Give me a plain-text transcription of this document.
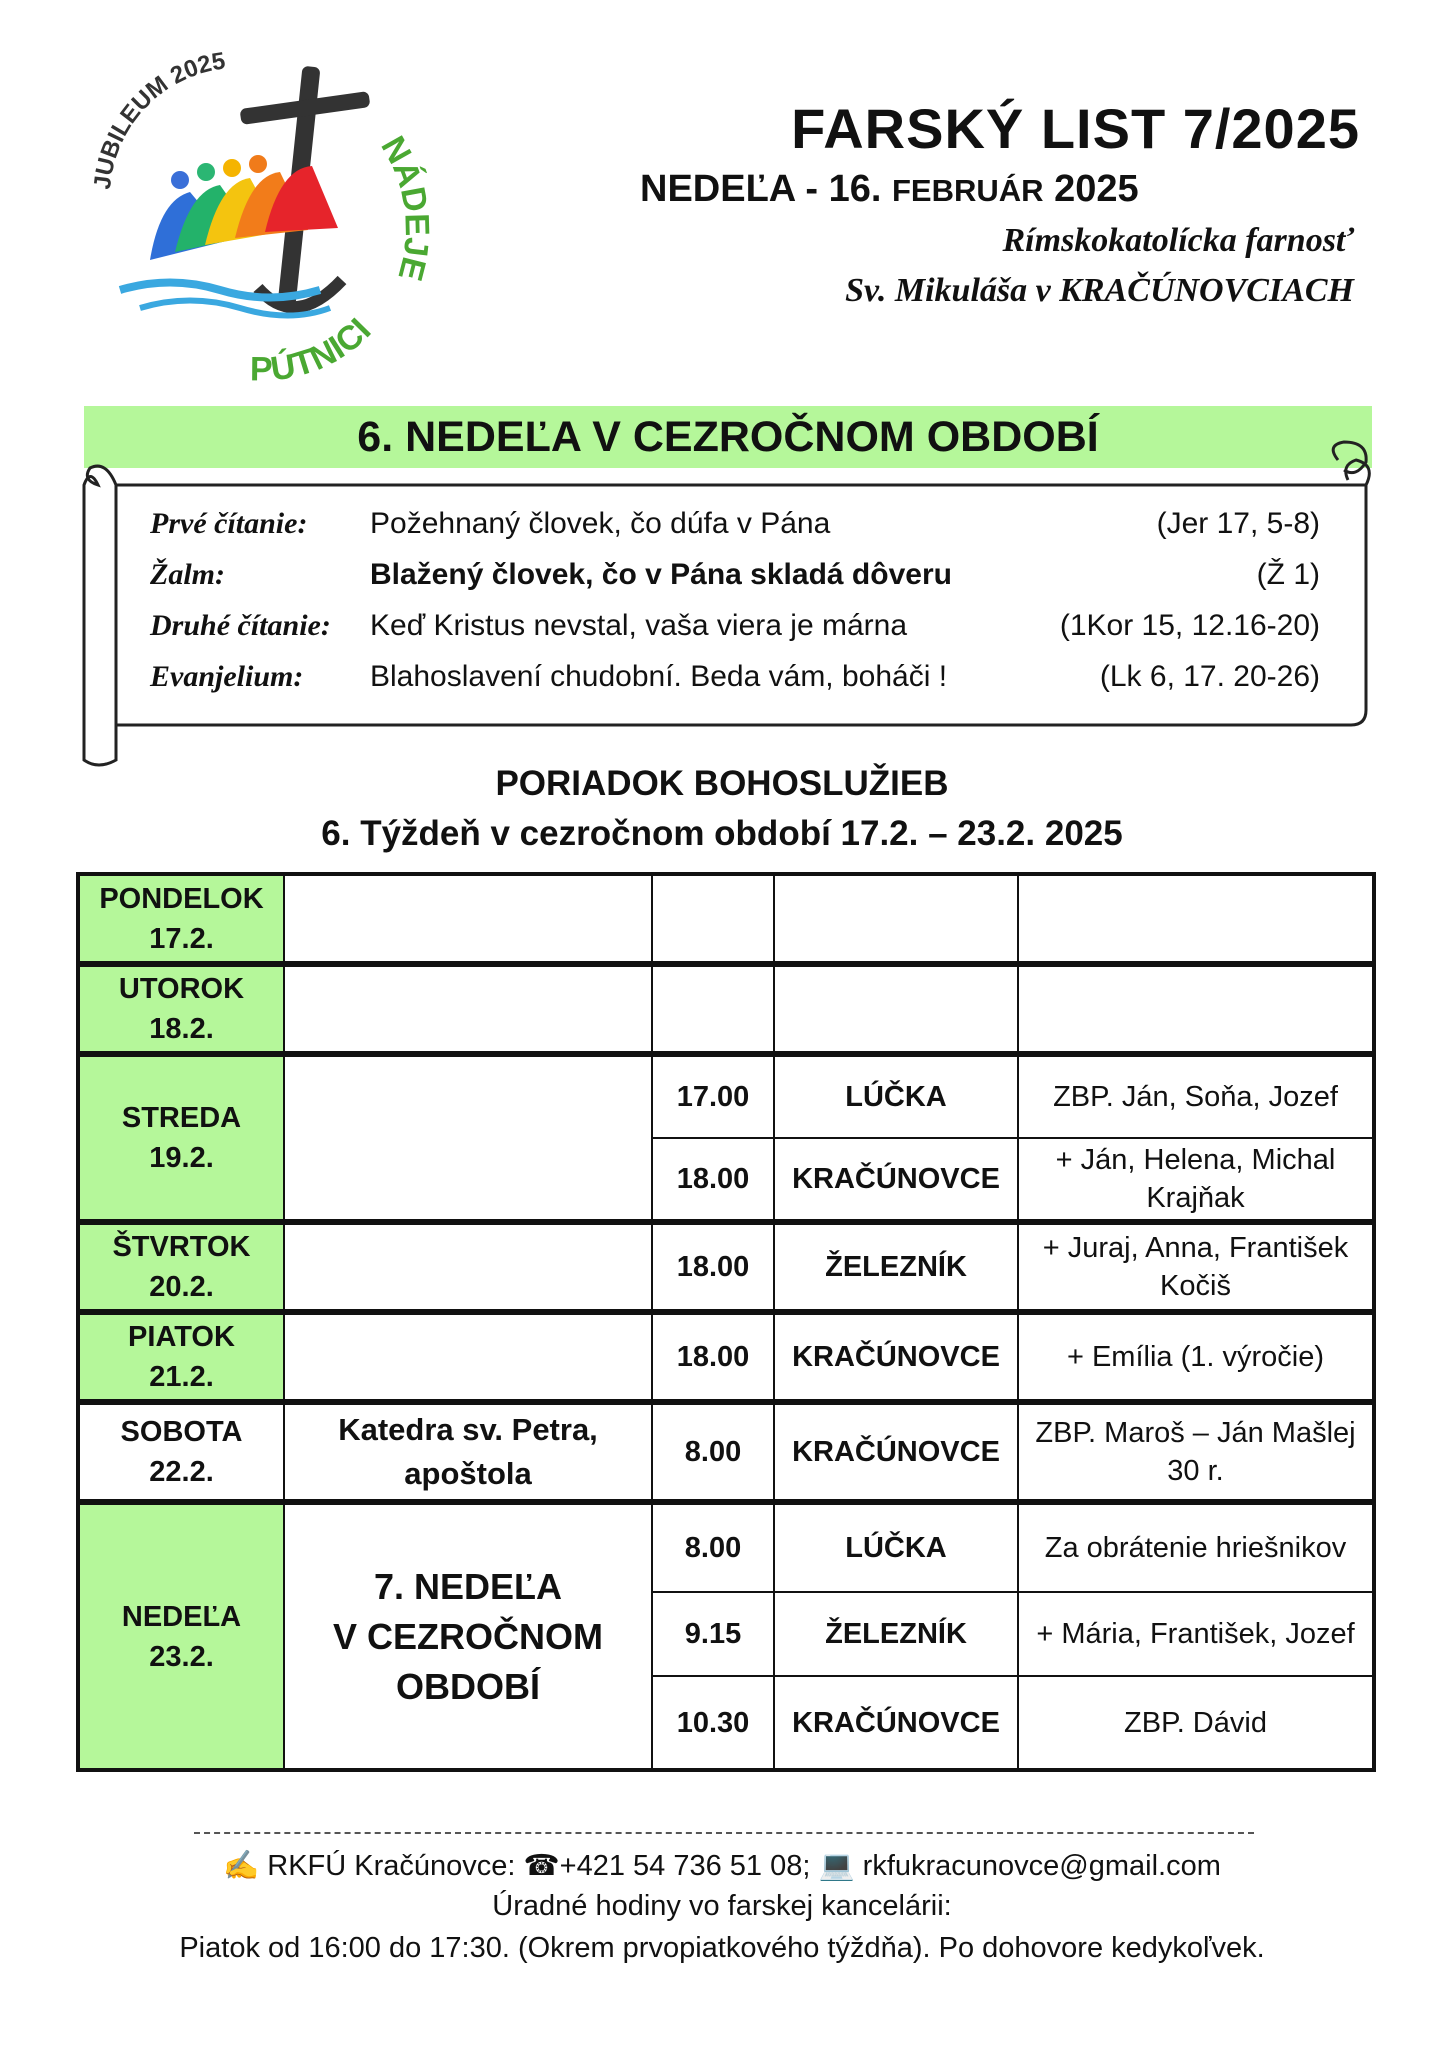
JUBILEUM 2025
NÁDEJE
PÚTNICI
FARSKÝ LIST 7/2025
NEDEĽA - 16. FEBRUÁR 2025
Rímskokatolícka farnosť
Sv. Mikuláša v KRAČÚNOVCIACH
6. NEDEĽA V CEZROČNOM OBDOBÍ
Prvé čítanie: Požehnaný človek, čo dúfa v Pána	(Jer 17, 5-8)
Žalm:	Blažený človek, čo v Pána skladá dôveru	(Ž 1)
Druhé čítanie: Keď Kristus nevstal, vaša viera je márna	(1Kor 15, 12.16-20)
Evanjelium: Blahoslavení chudobní. Beda vám, boháči !	(Lk 6, 17. 20-26)
PORIADOK BOHOSLUŽIEB
6. Týždeň v cezročnom období 17.2. – 23.2. 2025
PONDELOK
17.2.				
UTOROK
18.2.				
STREDA
19.2.		17.00	LÚČKA	ZBP. Ján, Soňa, Jozef
		18.00	KRAČÚNOVCE	+ Ján, Helena, Michal Krajňak
ŠTVRTOK
20.2.		18.00	ŽELEZNÍK	+ Juraj, Anna, František Kočiš
PIATOK
21.2.		18.00	KRAČÚNOVCE	+ Emília (1. výročie)
SOBOTA
22.2.	Katedra sv. Petra,
apoštola	8.00	KRAČÚNOVCE	ZBP. Maroš – Ján Mašlej 30 r.
NEDEĽA
23.2.	7. NEDEĽA
V CEZROČNOM
OBDOBÍ	8.00	LÚČKA	Za obrátenie hriešnikov
		9.15	ŽELEZNÍK	+ Mária, František, Jozef
		10.30	KRAČÚNOVCE	ZBP. Dávid
✍ RKFÚ Kračúnovce: ☎+421 54 736 51 08; 💻 rkfukracunovce@gmail.com
Úradné hodiny vo farskej kancelárii:
Piatok od 16:00 do 17:30. (Okrem prvopiatkového týždňa). Po dohovore kedykoľvek.
